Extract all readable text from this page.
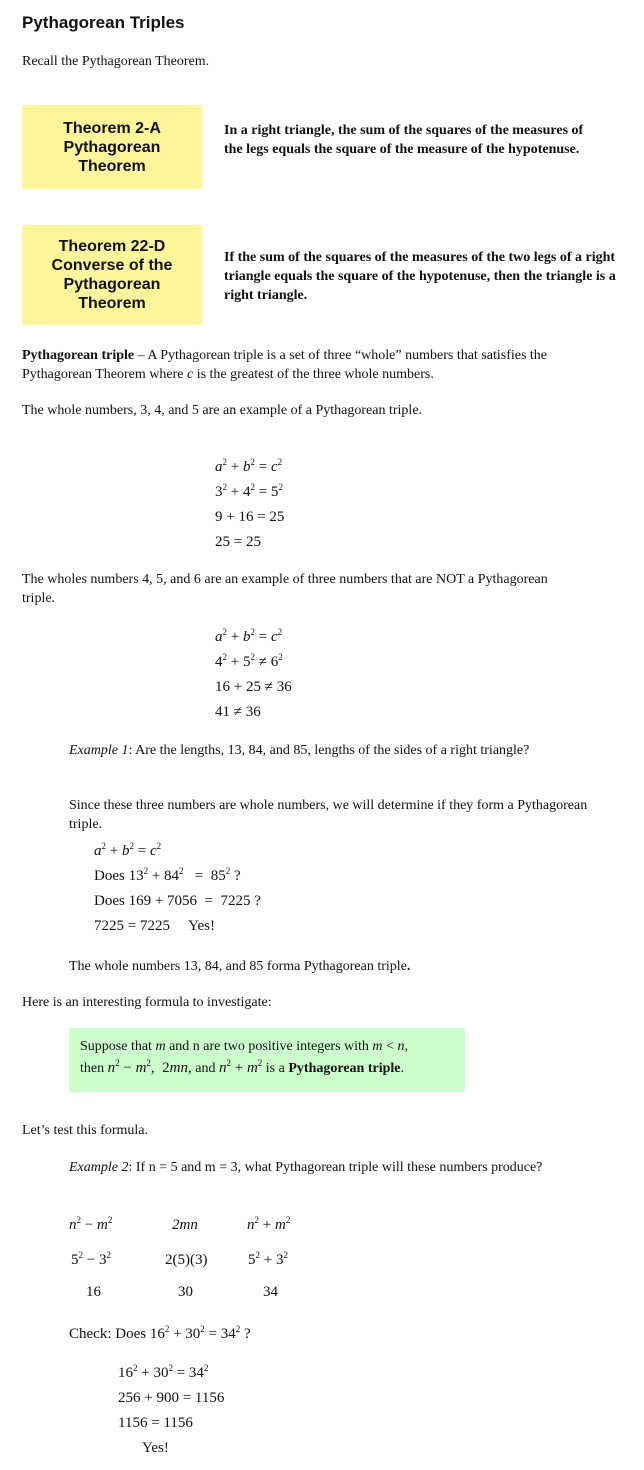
Pythagorean Triples
Recall the Pythagorean Theorem.
Theorem 2-A
Pythagorean
Theorem
In a right triangle, the sum of the squares of the measures of the legs equals the square of the measure of the hypotenuse.
Theorem 22-D
Converse of the
Pythagorean
Theorem
If the sum of the squares of the measures of the two legs of a right triangle equals the square of the hypotenuse, then the triangle is a right triangle.
Pythagorean triple – A Pythagorean triple is a set of three “whole” numbers that satisfies the Pythagorean Theorem where c is the greatest of the three whole numbers.
The whole numbers, 3, 4, and 5 are an example of a Pythagorean triple.
$a^2 + b^2 = c^2$
$3^2 + 4^2 = 5^2$
9 + 16 = 25
25 = 25
The wholes numbers 4, 5, and 6 are an example of three numbers that are NOT a Pythagorean triple.
$a^2 + b^2 = c^2$
$4^2 + 5^2 \ne 6^2$
16 + 25 ≠ 36
41 ≠ 36
Example 1: Are the lengths, 13, 84, and 85, lengths of the sides of a right triangle?
Since these three numbers are whole numbers, we will determine if they form a Pythagorean triple.
$a^2 + b^2 = c^2$
Does $13^2 + 84^2 = 85^2$ ?
Does 169 + 7056  =  7225 ?
7225 = 7225     Yes!
The whole numbers 13, 84, and 85 forma Pythagorean triple.
Here is an interesting formula to investigate:
Suppose that m and n are two positive integers with m < n,
then $n^2 - m^2$,  2mn, and $n^2 + m^2$ is a Pythagorean triple.
Let’s test this formula.
Example 2: If n = 5 and m = 3, what Pythagorean triple will these numbers produce?
$n^2 - m^2$	2mn	$n^2 + m^2$
$5^2 - 3^2$	2(5)(3)	$5^2 + 3^2$
16	30	34
Check: Does $16^2 + 30^2 = 34^2$ ?
$16^2 + 30^2 = 34^2$
256 + 900 = 1156
1156 = 1156
Yes!
